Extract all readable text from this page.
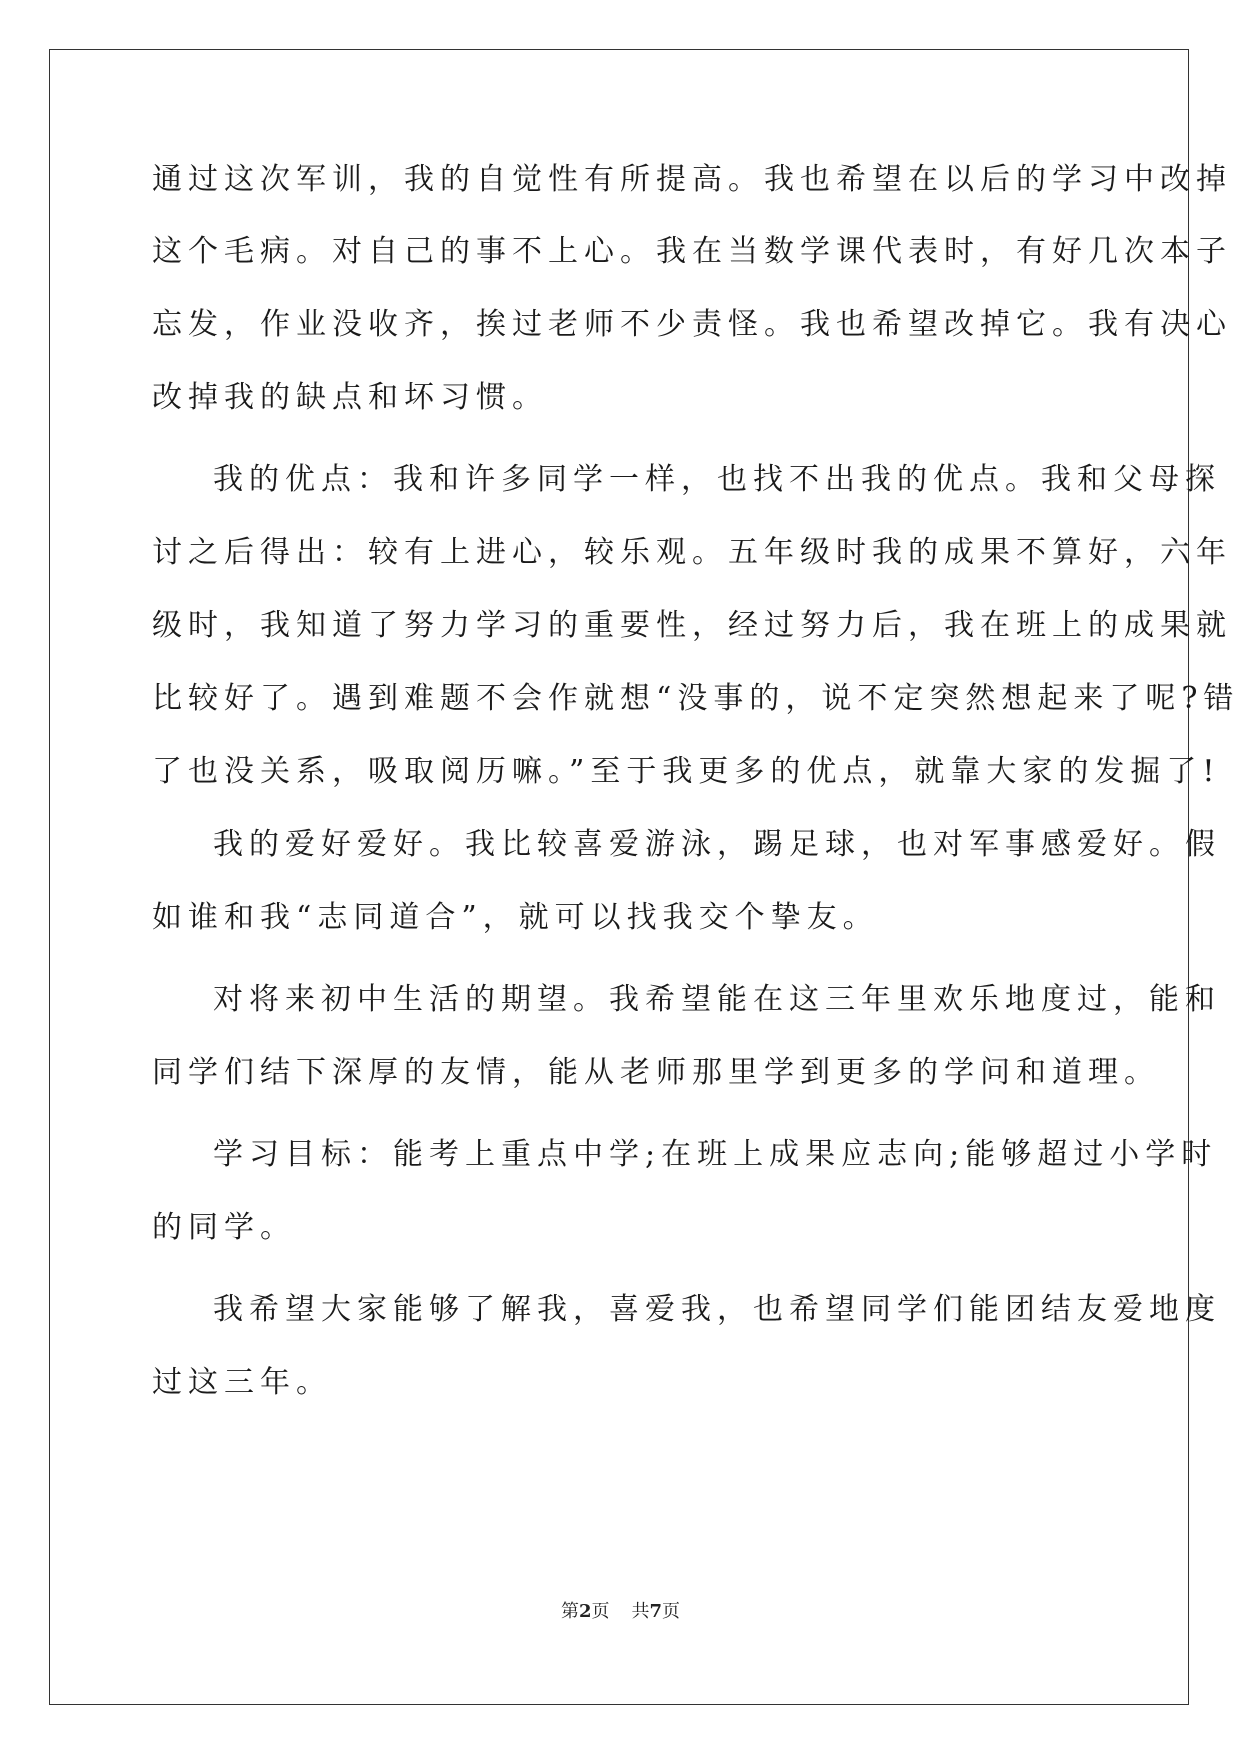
通过这次军训，我的自觉性有所提高。我也希望在以后的学习中改掉
这个毛病。对自己的事不上心。我在当数学课代表时，有好几次本子
忘发，作业没收齐，挨过老师不少责怪。我也希望改掉它。我有决心
改掉我的缺点和坏习惯。
我的优点：我和许多同学一样，也找不出我的优点。我和父母探
讨之后得出：较有上进心，较乐观。五年级时我的成果不算好，六年
级时，我知道了努力学习的重要性，经过努力后，我在班上的成果就
比较好了。遇到难题不会作就想“没事的，说不定突然想起来了呢?错
了也没关系，吸取阅历嘛。”至于我更多的优点，就靠大家的发掘了!
我的爱好爱好。我比较喜爱游泳，踢足球，也对军事感爱好。假
如谁和我“志同道合”，就可以找我交个挚友。
对将来初中生活的期望。我希望能在这三年里欢乐地度过，能和
同学们结下深厚的友情，能从老师那里学到更多的学问和道理。
学习目标：能考上重点中学;在班上成果应志向;能够超过小学时
的同学。
我希望大家能够了解我，喜爱我，也希望同学们能团结友爱地度
过这三年。
第2页 共7页
